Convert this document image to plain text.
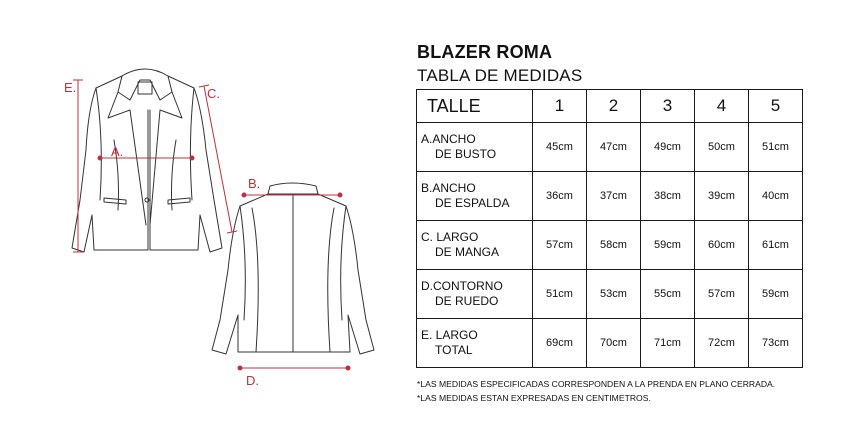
E.	C.
A.
B.
D.
BLAZER ROMA
TABLA DE MEDIDAS
TALLE	1	2	3	4	5

A.ANCHO
DE BUSTO	45cm	47cm	49cm	50cm	51cm

B.ANCHO
DE ESPALDA	36cm	37cm	38cm	39cm	40cm

C. LARGO
DE MANGA	57cm	58cm	59cm	60cm	61cm

D.CONTORNO
DE RUEDO	51cm	53cm	55cm	57cm	59cm

E. LARGO
TOTAL	69cm	70cm	71cm	72cm	73cm
*LAS MEDIDAS ESPECIFICADAS CORRESPONDEN A LA PRENDA EN PLANO CERRADA.
*LAS MEDIDAS ESTAN EXPRESADAS EN CENTIMETROS.
